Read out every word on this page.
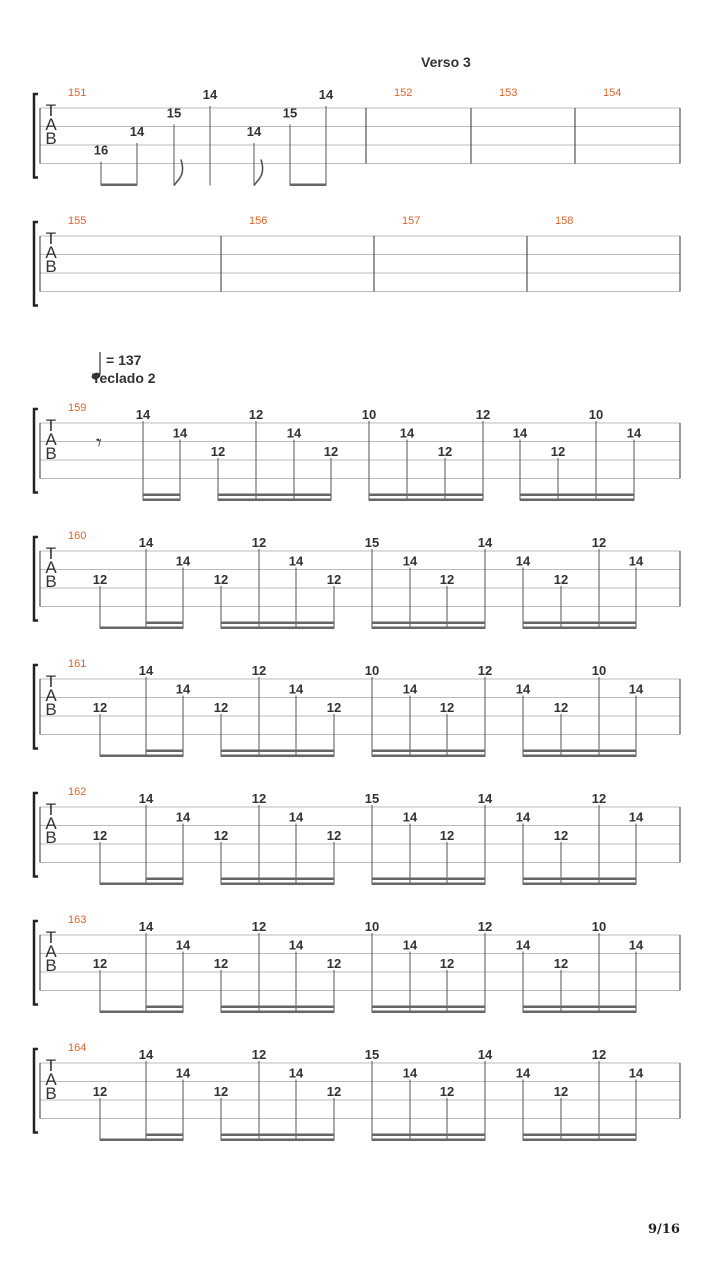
Verso 3
= 137
Teclado 2
T
A
B
151	152	153	154
16
14
15
14
14
15
14
T
A
B
155	156	157	158
T
A
B
159
𝄾
14
14
12
12
14
12
10
14
12
12
14
12
10
14
T
A
B
160
12
14
14
12
12
14
12
15
14
12
14
14
12
12
14
T
A
B
161
12
14
14
12
12
14
12
10
14
12
12
14
12
10
14
T
A
B
162
12
14
14
12
12
14
12
15
14
12
14
14
12
12
14
T
A
B
163
12
14
14
12
12
14
12
10
14
12
12
14
12
10
14
T
A
B
164
12
14
14
12
12
14
12
15
14
12
14
14
12
12
14
9/16
